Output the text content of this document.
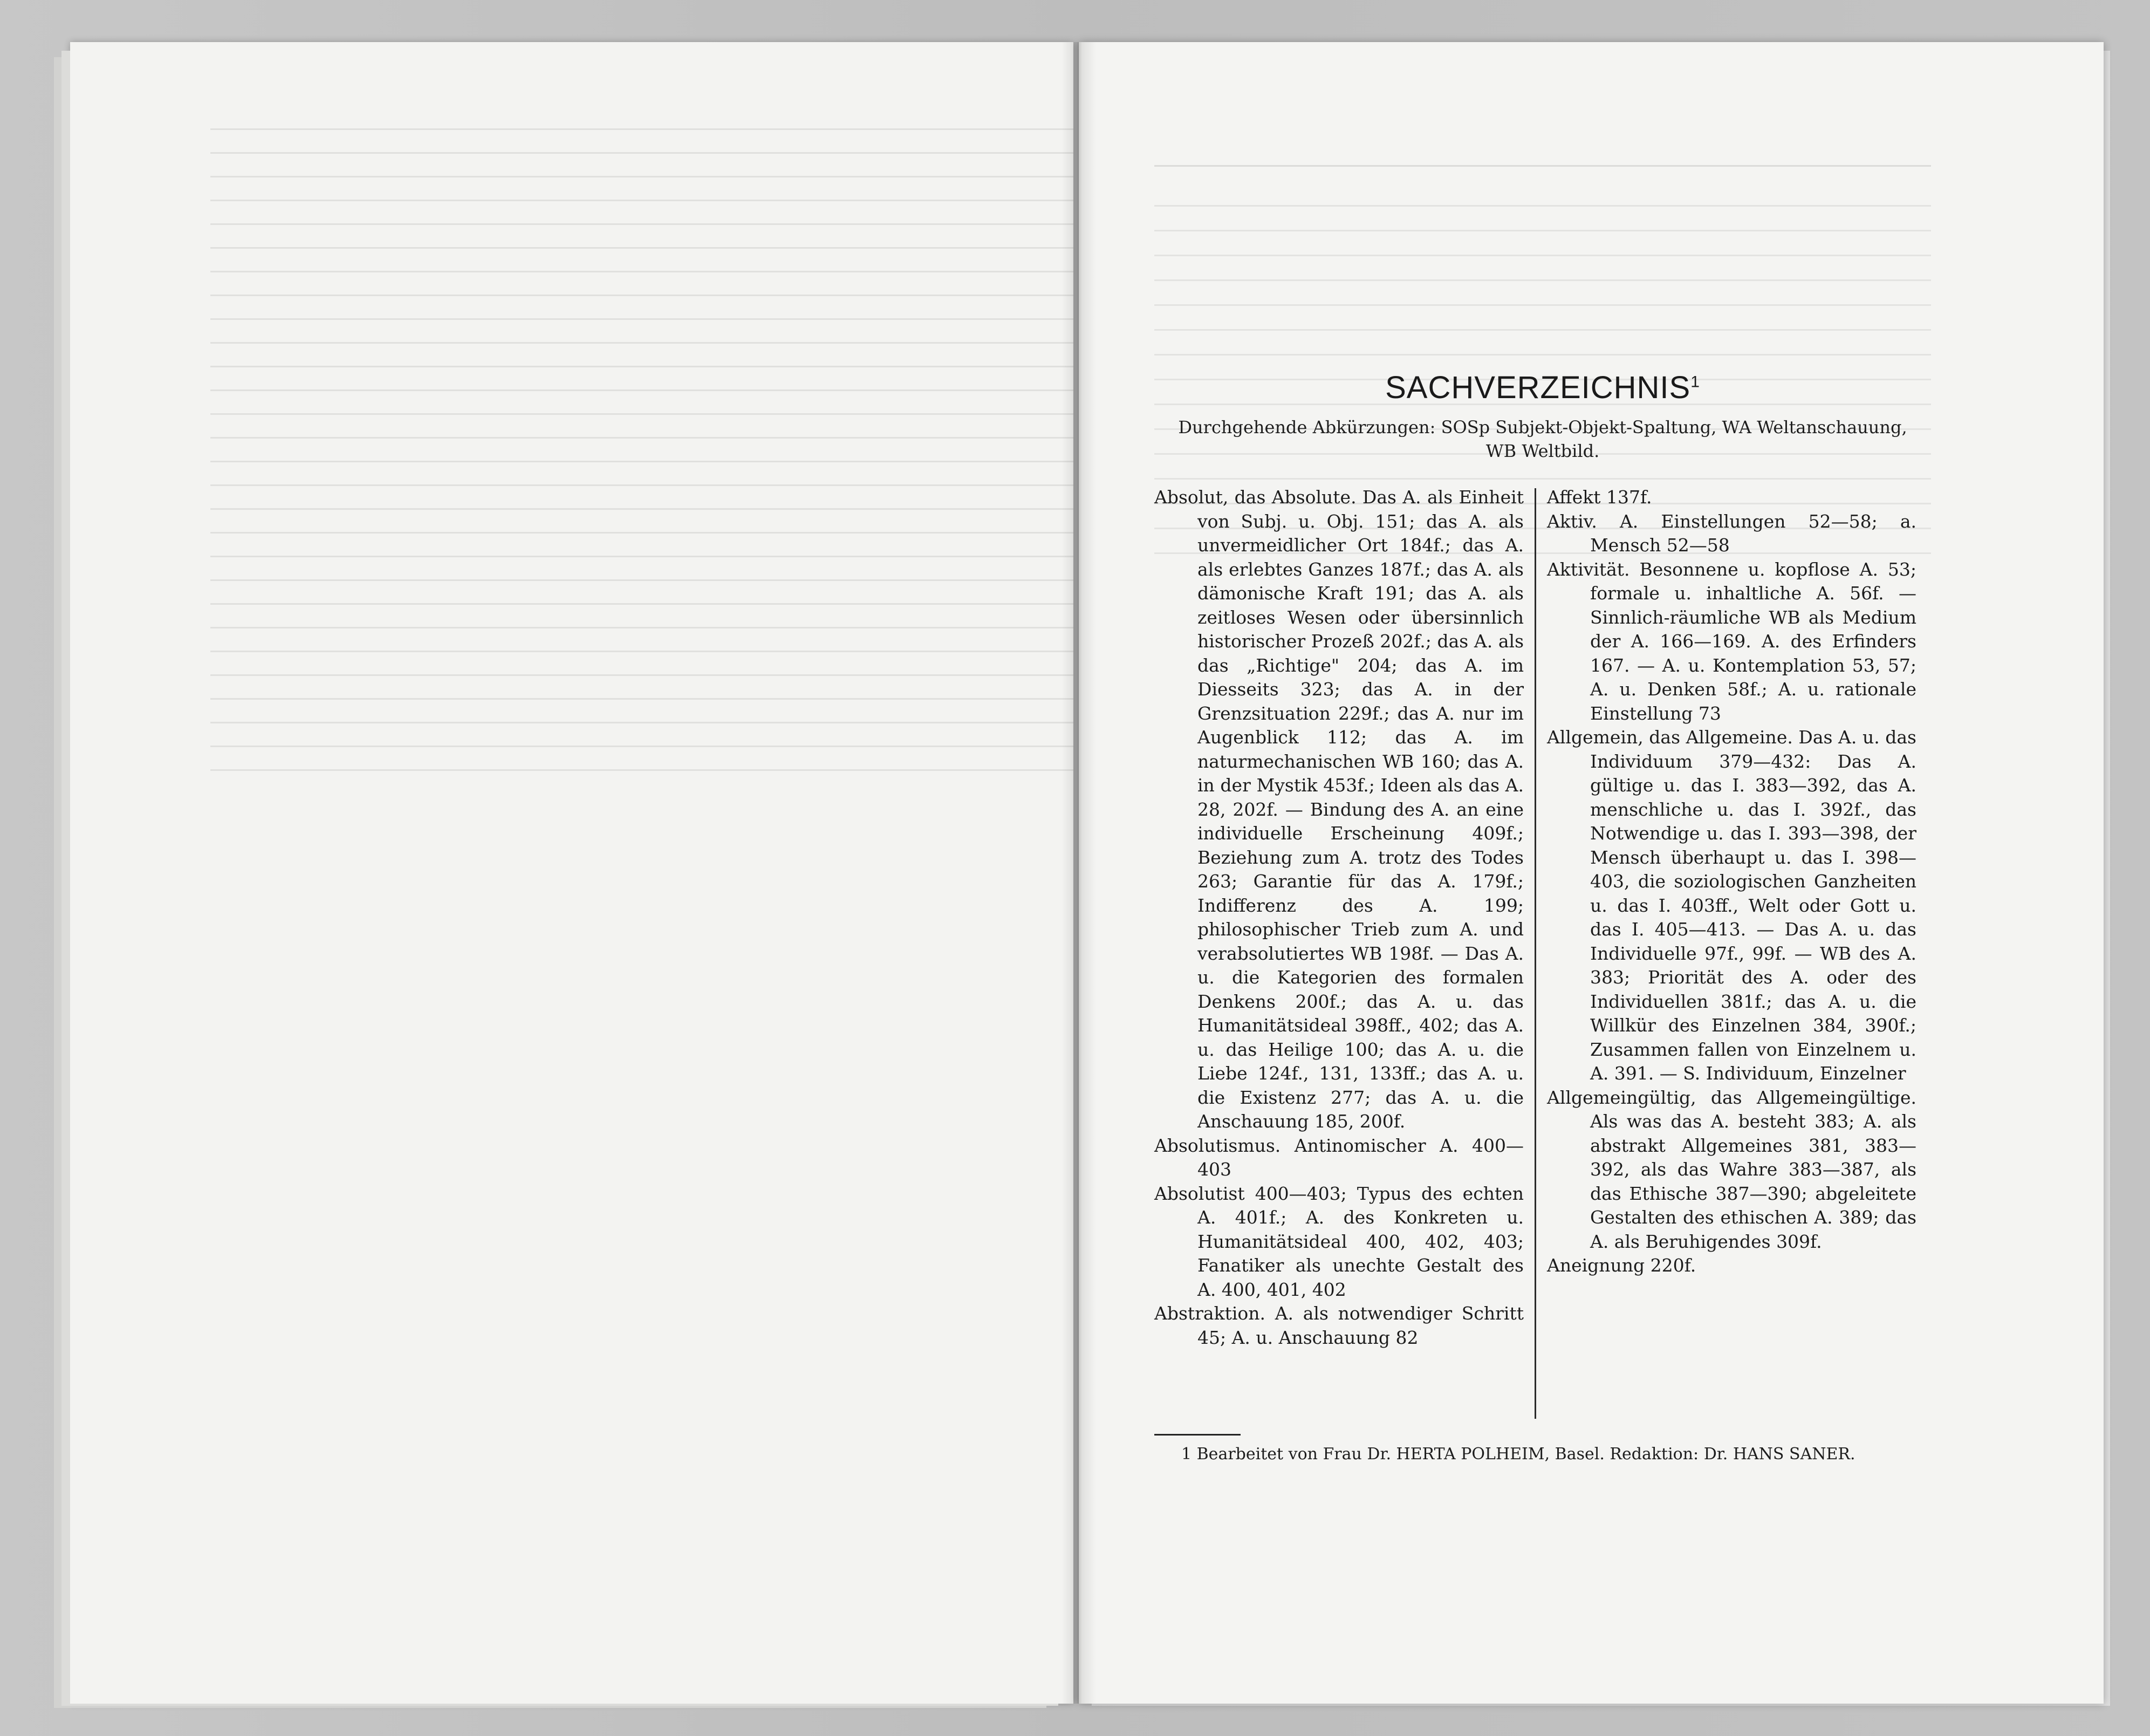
SACHVERZEICHNIS$^1$
Durchgehende Abkürzungen: SOSp Subjekt-Objekt-Spaltung, WA Weltanschauung,
WB Weltbild.

Absolut, das Absolute. Das A. als Einheit von Subj. u. Obj. 151; das A. als unvermeidlicher Ort 184f.; das A. als erlebtes Ganzes 187f.; das A. als dämonische Kraft 191; das A. als zeitloses Wesen oder übersinnlich historischer Prozeß 202f.; das A. als das „Richtige" 204; das A. im Diesseits 323; das A. in der Grenzsituation 229f.; das A. nur im Augenblick 112; das A. im naturmechanischen WB 160; das A. in der Mystik 453f.; Ideen als das A. 28, 202f. — Bindung des A. an eine individuelle Erscheinung 409f.; Beziehung zum A. trotz des Todes 263; Garantie für das A. 179f.; Indifferenz des A. 199; philosophischer Trieb zum A. und verabsolutiertes WB 198f. — Das A. u. die Kategorien des formalen Denkens 200f.; das A. u. das Humanitätsideal 398ff., 402; das A. u. das Heilige 100; das A. u. die Liebe 124f., 131, 133ff.; das A. u. die Existenz 277; das A. u. die Anschauung 185, 200f.

Absolutismus. Antinomischer A. 400—403

Absolutist 400—403; Typus des echten A. 401f.; A. des Konkreten u. Humanitätsideal 400, 402, 403; Fanatiker als unechte Gestalt des A. 400, 401, 402

Abstraktion. A. als notwendiger Schritt 45; A. u. Anschauung 82

Affekt 137f.

Aktiv. A. Einstellungen 52—58; a. Mensch 52—58

Aktivität. Besonnene u. kopflose A. 53; formale u. inhaltliche A. 56f. — Sinnlich-räumliche WB als Medium der A. 166—169. A. des Erfinders 167. — A. u. Kontemplation 53, 57; A. u. Denken 58f.; A. u. rationale Einstellung 73

Allgemein, das Allgemeine. Das A. u. das Individuum 379—432: Das A. gültige u. das I. 383—392, das A. menschliche u. das I. 392f., das Notwendige u. das I. 393—398, der Mensch überhaupt u. das I. 398—403, die soziologischen Ganzheiten u. das I. 403ff., Welt oder Gott u. das I. 405—413. — Das A. u. das Individuelle 97f., 99f. — WB des A. 383; Priorität des A. oder des Individuellen 381f.; das A. u. die Willkür des Einzelnen 384, 390f.; Zusammen fallen von Einzelnem u. A. 391. — S. Individuum, Einzelner

Allgemeingültig, das Allgemeingültige. Als was das A. besteht 383; A. als abstrakt Allgemeines 381, 383—392, als das Wahre 383—387, als das Ethische 387—390; abgeleitete Gestalten des ethischen A. 389; das A. als Beruhigendes 309f.

Aneignung 220f.

1 Bearbeitet von Frau Dr. HERTA POLHEIM, Basel. Redaktion: Dr. HANS SANER.
